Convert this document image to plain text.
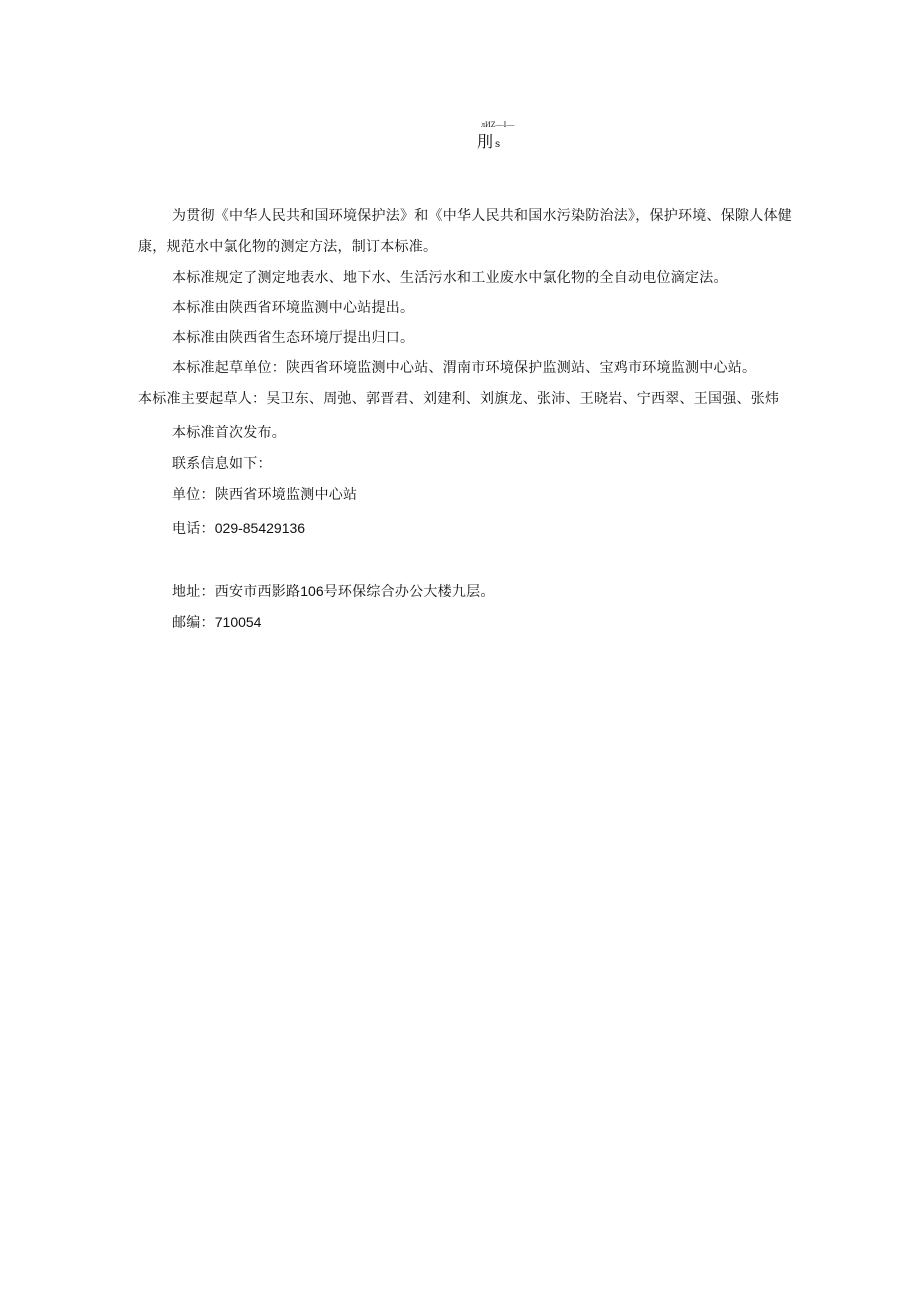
лИZ—I—
刖s
为贯彻《中华人民共和国环境保护法》和《中华人民共和国水污染防治法》，保护环境、保隙人体健
康，规范水中氯化物的测定方法，制订本标准。
本标准规定了测定地表水、地下水、生活污水和工业废水中氯化物的全自动电位滴定法。
本标准由陕西省环境监测中心站提出。
本标准由陕西省生态环境厅提出归口。
本标准起草单位：陕西省环境监测中心站、渭南市环境保护监测站、宝鸡市环境监测中心站。
本标准主要起草人：吴卫东、周弛、郭晋君、刘建利、刘旗龙、张沛、王晓岩、宁西翠、王国强、张炜
本标准首次发布。
联系信息如下：
单位：陕西省环境监测中心站
电话：029-85429136
地址：西安市西影路106号环保综合办公大楼九层。
邮编：710054
